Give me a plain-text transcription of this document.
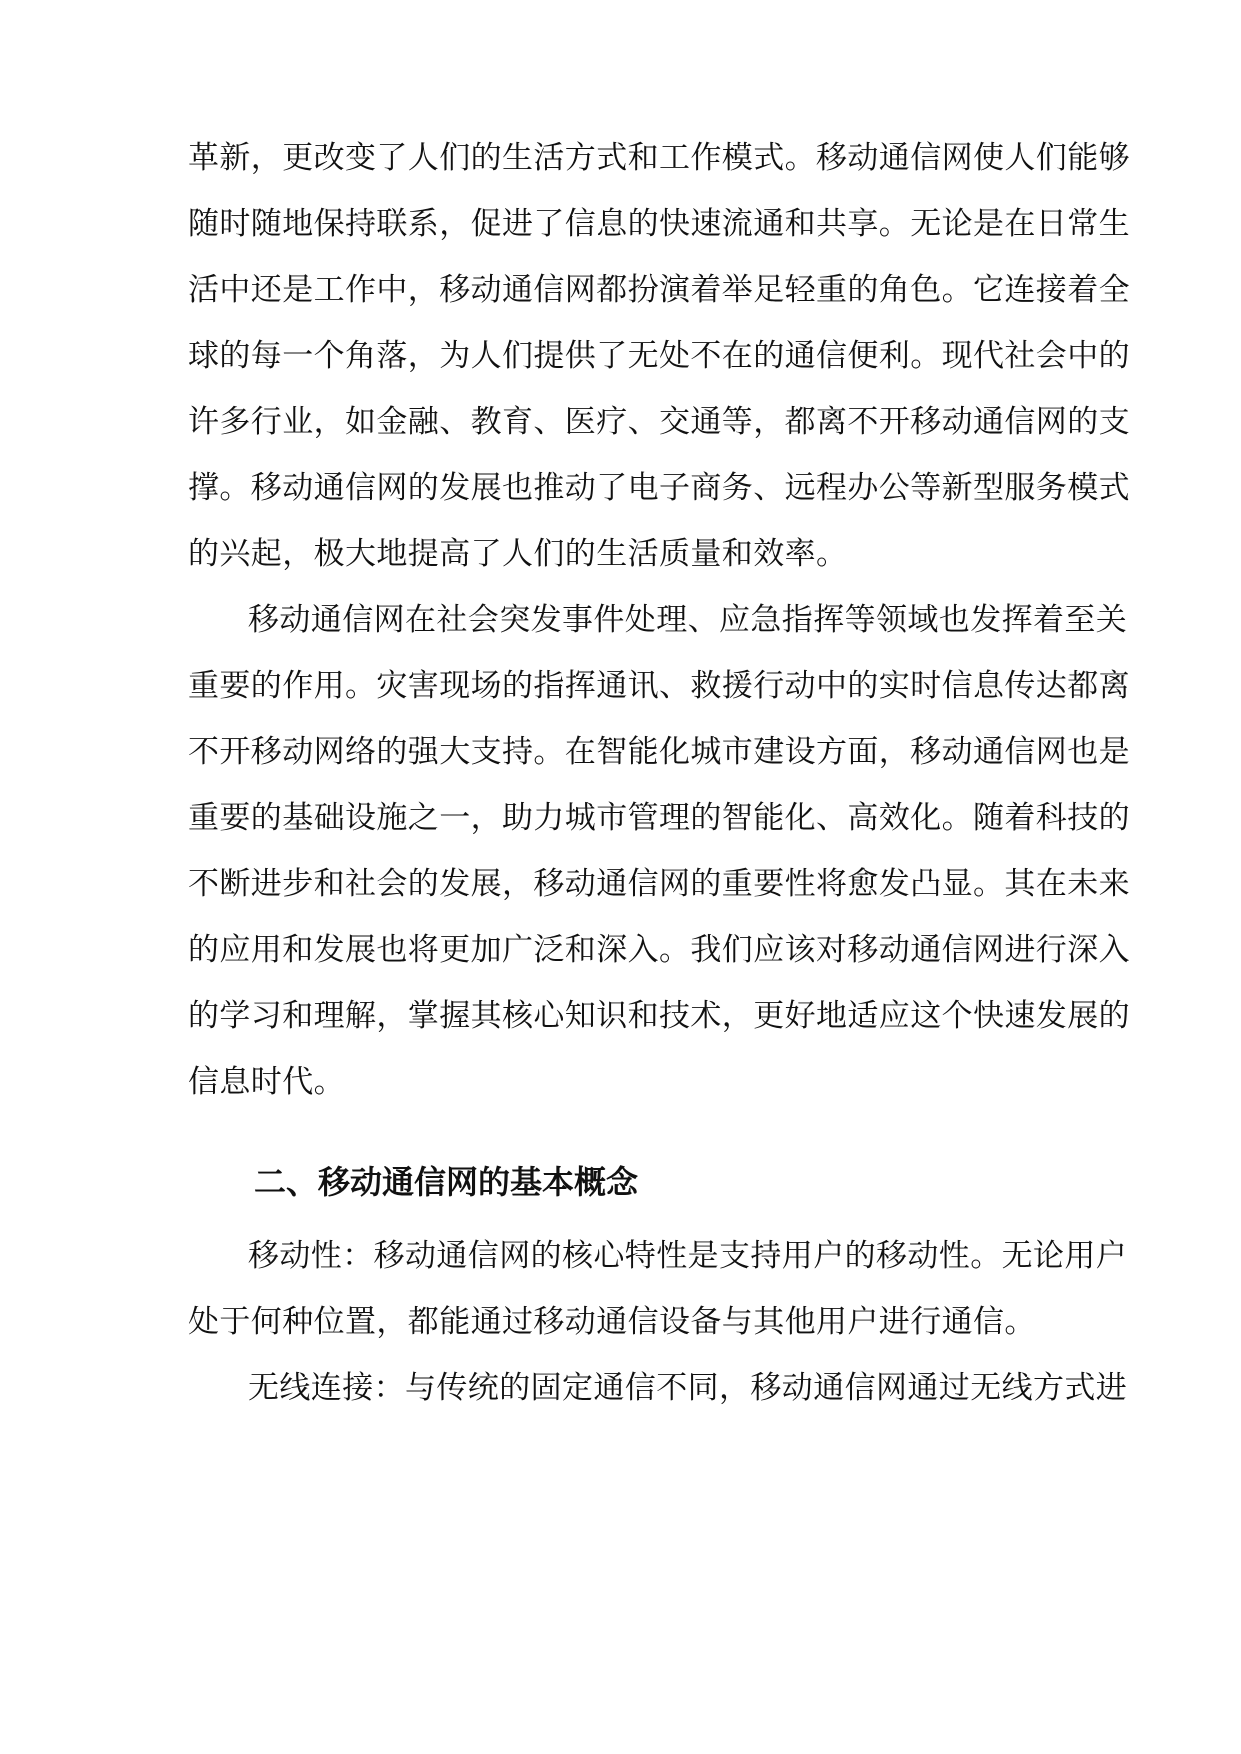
革新，更改变了人们的生活方式和工作模式。移动通信网使人们能够
随时随地保持联系，促进了信息的快速流通和共享。无论是在日常生
活中还是工作中，移动通信网都扮演着举足轻重的角色。它连接着全
球的每一个角落，为人们提供了无处不在的通信便利。现代社会中的
许多行业，如金融、教育、医疗、交通等，都离不开移动通信网的支
撑。移动通信网的发展也推动了电子商务、远程办公等新型服务模式
的兴起，极大地提高了人们的生活质量和效率。
移动通信网在社会突发事件处理、应急指挥等领域也发挥着至关
重要的作用。灾害现场的指挥通讯、救援行动中的实时信息传达都离
不开移动网络的强大支持。在智能化城市建设方面，移动通信网也是
重要的基础设施之一，助力城市管理的智能化、高效化。随着科技的
不断进步和社会的发展，移动通信网的重要性将愈发凸显。其在未来
的应用和发展也将更加广泛和深入。我们应该对移动通信网进行深入
的学习和理解，掌握其核心知识和技术，更好地适应这个快速发展的
信息时代。
二、移动通信网的基本概念
移动性：移动通信网的核心特性是支持用户的移动性。无论用户
处于何种位置，都能通过移动通信设备与其他用户进行通信。
无线连接：与传统的固定通信不同，移动通信网通过无线方式进
